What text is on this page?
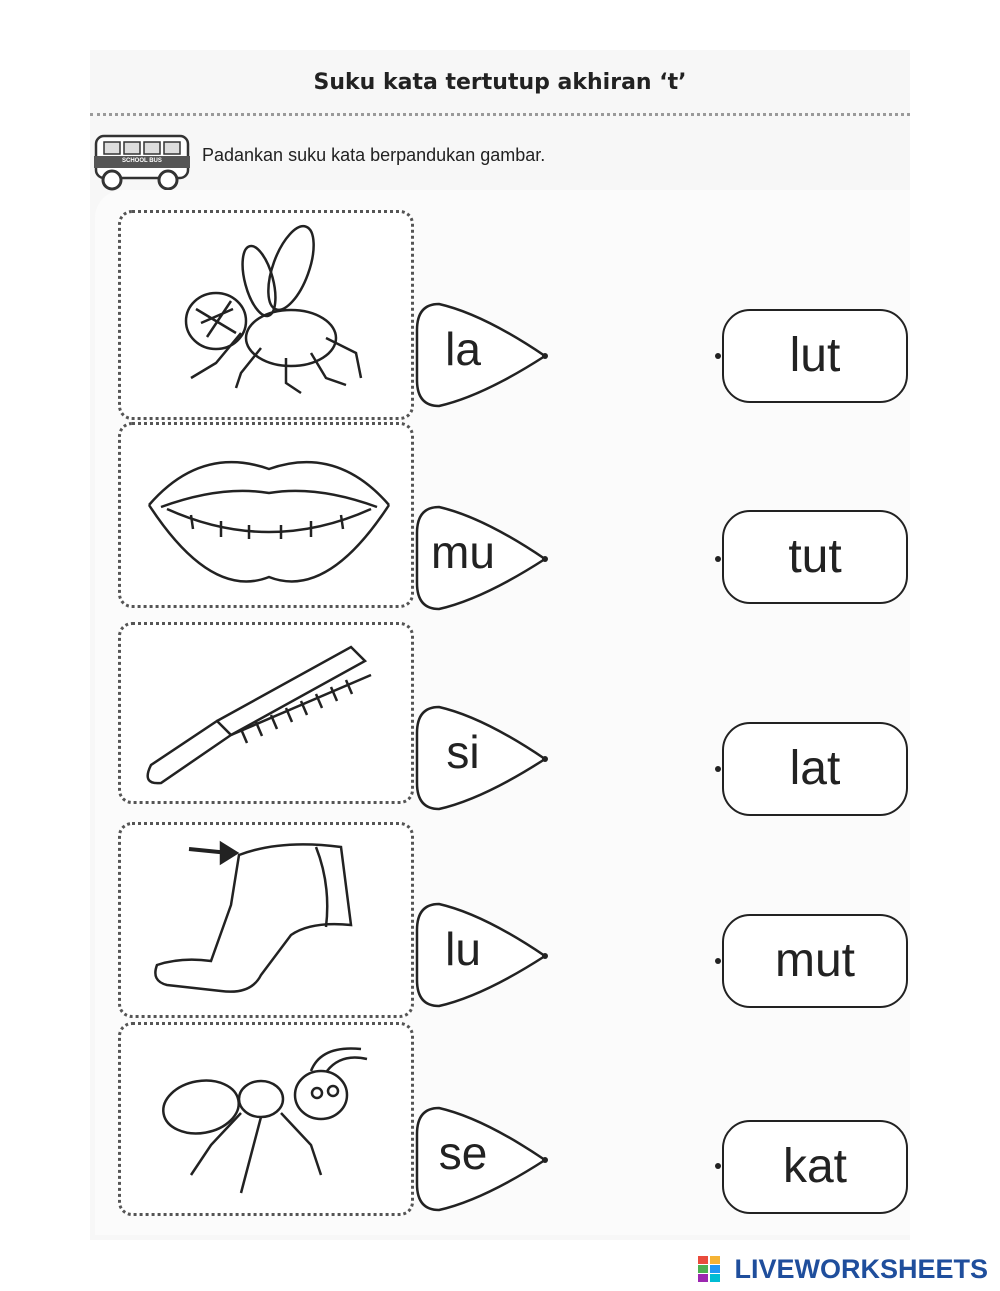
Suku kata tertutup akhiran ‘t’
SCHOOL BUS Padankan suku kata berpandukan gambar.
la
mu
si
lu
se
lut
tut
lat
mut
kat
LIVEWORKSHEETS
